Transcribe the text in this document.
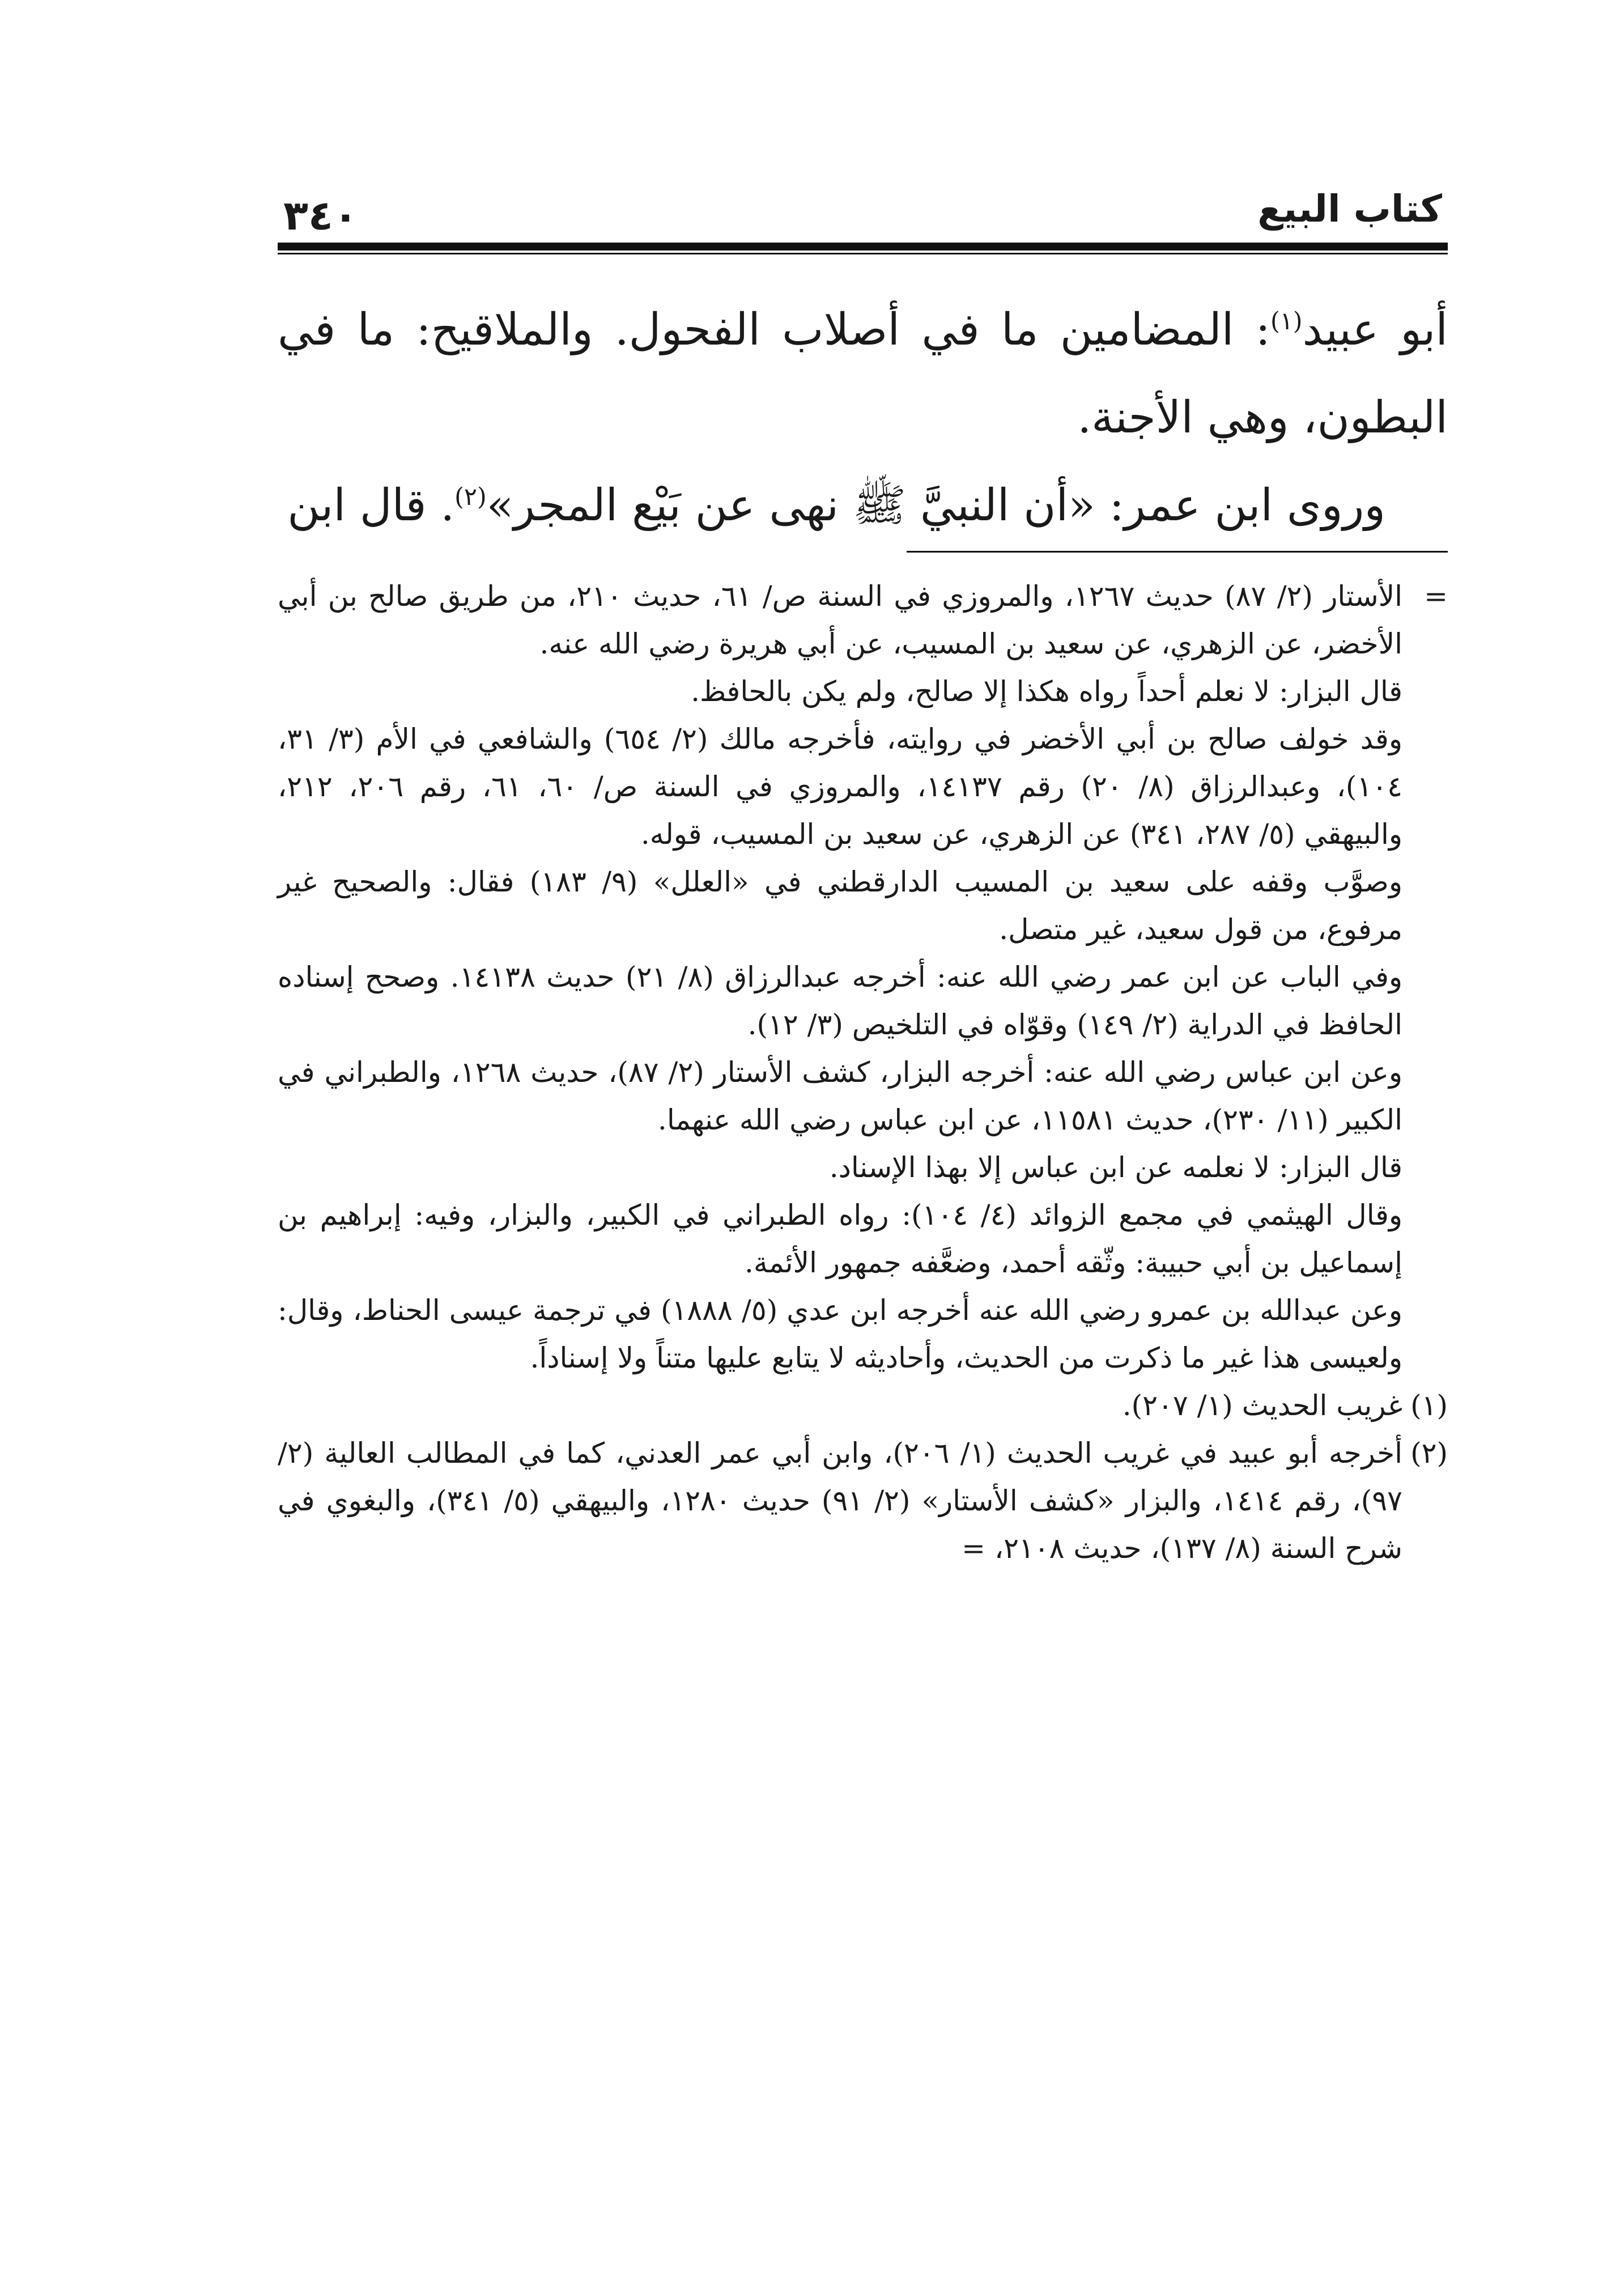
٣٤٠	كتاب البيع

أبو عبيد$^{(١)}$: المضامين ما في أصلاب الفحول. والملاقيح: ما في البطون، وهي الأجنة.

وروى ابن عمر: «أن النبيَّ ﷺ نهى عن بَيْع المجر»$^{(٢)}$. قال ابن

=

الأستار (٢/ ٨٧) حديث ١٢٦٧، والمروزي في السنة ص/ ٦١، حديث ٢١٠، من طريق صالح بن أبي الأخضر، عن الزهري، عن سعيد بن المسيب، عن أبي هريرة رضي الله عنه.

قال البزار: لا نعلم أحداً رواه هكذا إلا صالح، ولم يكن بالحافظ.

وقد خولف صالح بن أبي الأخضر في روايته، فأخرجه مالك (٢/ ٦٥٤) والشافعي في الأم (٣/ ٣١، ١٠٤)، وعبدالرزاق (٨/ ٢٠) رقم ١٤١٣٧، والمروزي في السنة ص/ ٦٠، ٦١، رقم ٢٠٦، ٢١٢، والبيهقي (٥/ ٢٨٧، ٣٤١) عن الزهري، عن سعيد بن المسيب، قوله.

وصوَّب وقفه على سعيد بن المسيب الدارقطني في «العلل» (٩/ ١٨٣) فقال: والصحيح غير مرفوع، من قول سعيد، غير متصل.

وفي الباب عن ابن عمر رضي الله عنه: أخرجه عبدالرزاق (٨/ ٢١) حديث ١٤١٣٨. وصحح إسناده الحافظ في الدراية (٢/ ١٤٩) وقوّاه في التلخيص (٣/ ١٢).

وعن ابن عباس رضي الله عنه: أخرجه البزار، كشف الأستار (٢/ ٨٧)، حديث ١٢٦٨، والطبراني في الكبير (١١/ ٢٣٠)، حديث ١١٥٨١، عن ابن عباس رضي الله عنهما.

قال البزار: لا نعلمه عن ابن عباس إلا بهذا الإسناد.

وقال الهيثمي في مجمع الزوائد (٤/ ١٠٤): رواه الطبراني في الكبير، والبزار، وفيه: إبراهيم بن إسماعيل بن أبي حبيبة: وثّقه أحمد، وضعَّفه جمهور الأئمة.

وعن عبدالله بن عمرو رضي الله عنه أخرجه ابن عدي (٥/ ١٨٨٨) في ترجمة عيسى الحناط، وقال: ولعيسى هذا غير ما ذكرت من الحديث، وأحاديثه لا يتابع عليها متناً ولا إسناداً.

(١)
غريب الحديث (١/ ٢٠٧).

(٢)
أخرجه أبو عبيد في غريب الحديث (١/ ٢٠٦)، وابن أبي عمر العدني، كما في المطالب العالية (٢/ ٩٧)، رقم ١٤١٤، والبزار «كشف الأستار» (٢/ ٩١) حديث ١٢٨٠، والبيهقي (٥/ ٣٤١)، والبغوي في شرح السنة (٨/ ١٣٧)، حديث ٢١٠٨، =
